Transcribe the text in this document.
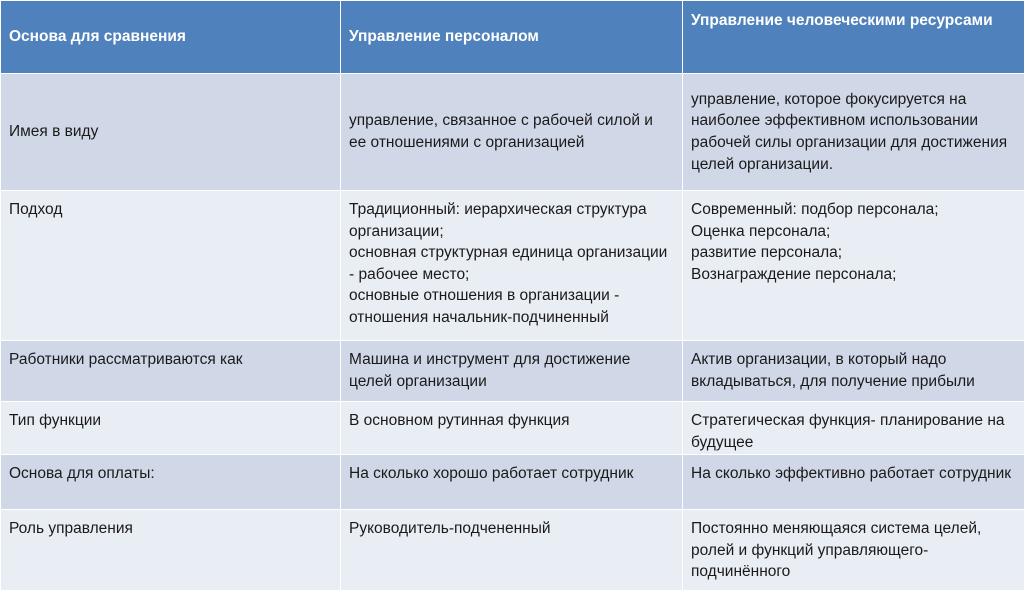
Основа для сравнения	Управление персоналом	Управление человеческими ресурсами
Имея в виду	управление, связанное с рабочей силой и ее отношениями с организацией	управление, которое фокусируется на наиболее эффективном использовании рабочей силы организации для достижения целей организации.

Подход	Традиционный: иерархическая структура организации;
основная структурная единица организации - рабочее место;
основные отношения в организации - отношения начальник-подчиненный	Современный: подбор персонала;
Оценка персонала;
развитие персонала;
Вознаграждение персонала;

Работники рассматриваются как	Машина и инструмент для достижение целей организации	Актив организации, в который надо вкладываться, для получение прибыли

Тип функции	В основном рутинная функция	Стратегическая функция- планирование на будущее

Основа для оплаты:	На сколько хорошо работает сотрудник	На сколько эффективно работает сотрудник

Роль управления	Руководитель-подчененный	Постоянно меняющаяся система целей, ролей и функций управляющего- подчинённого
